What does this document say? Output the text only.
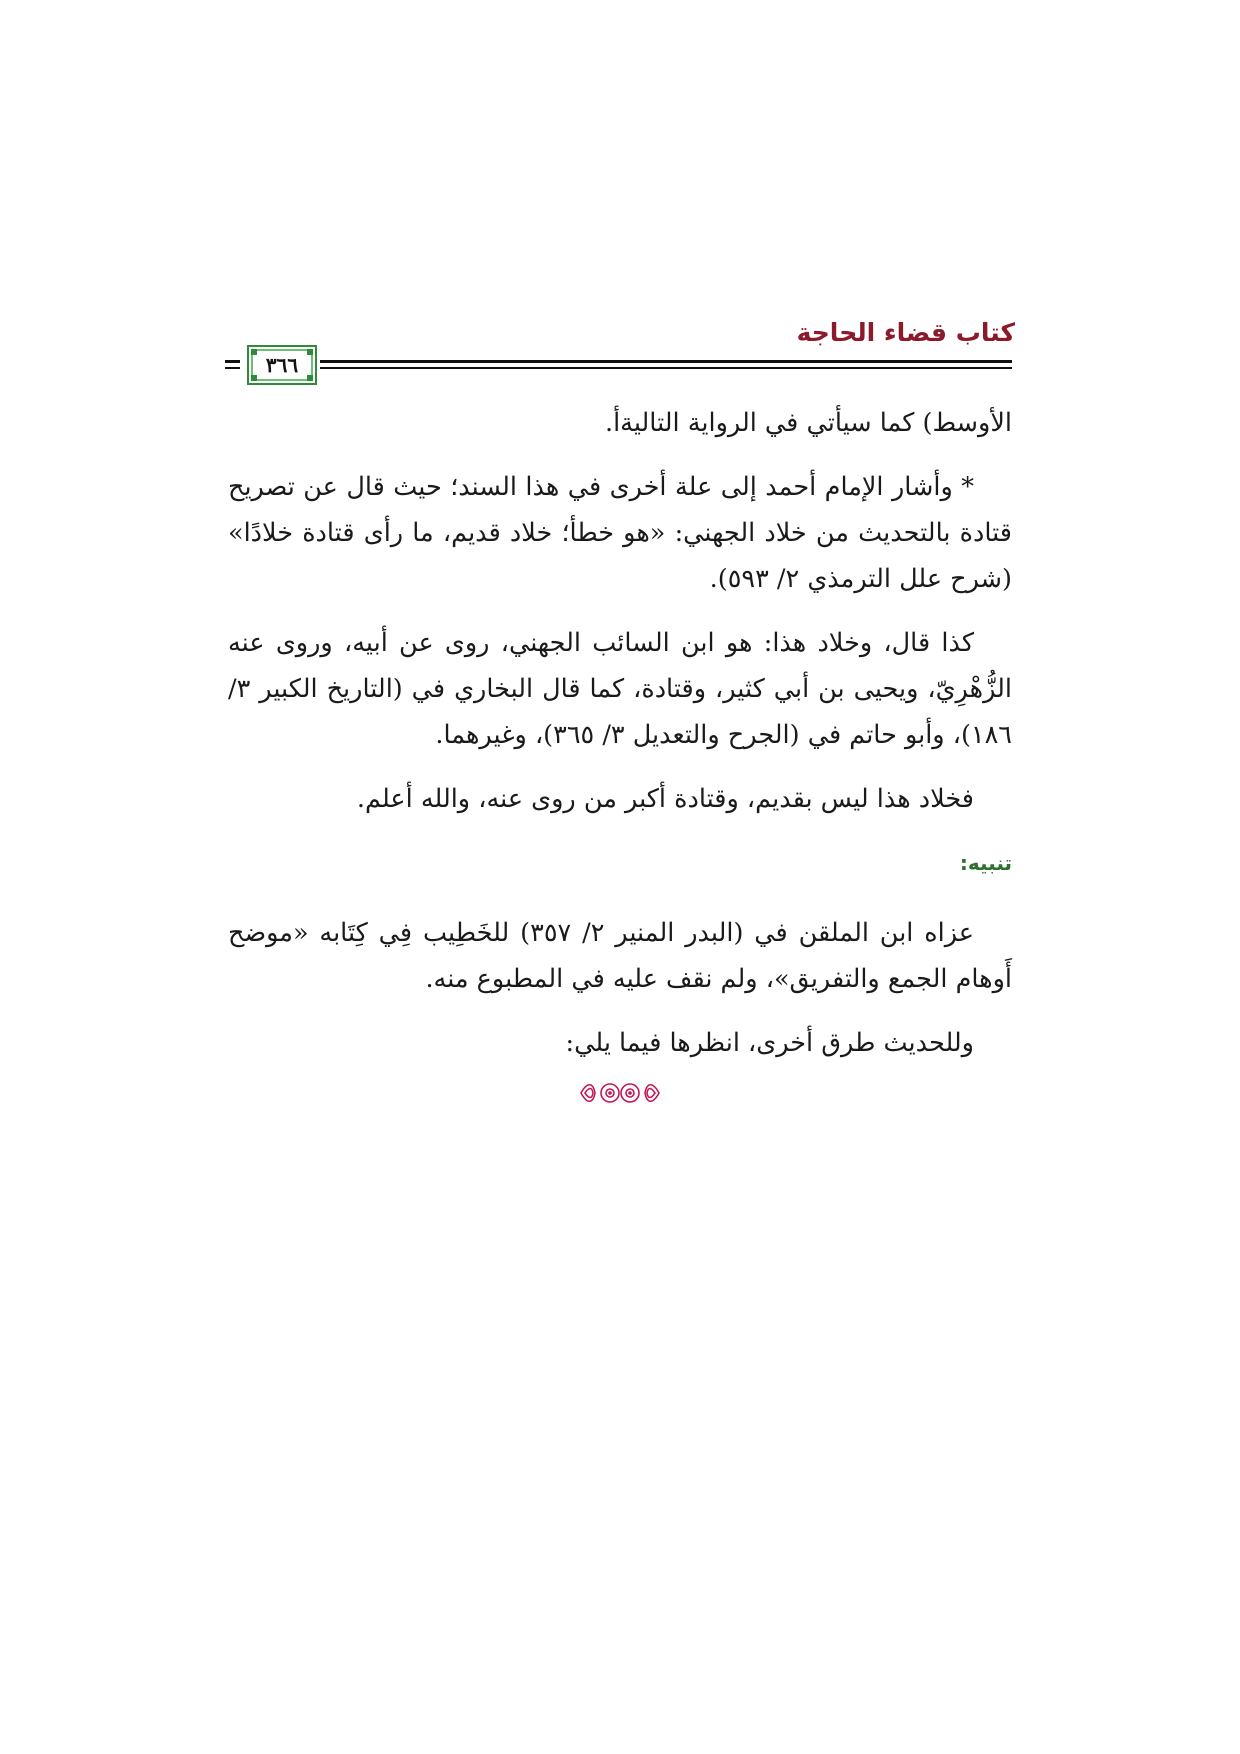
كتاب قضاء الحاجة
٣٦٦

الأوسط) كما سيأتي في الرواية التاليةأ.

* وأشار الإمام أحمد إلى علة أخرى في هذا السند؛ حيث قال عن تصريح قتادة بالتحديث من خلاد الجهني: «هو خطأ؛ خلاد قديم، ما رأى قتادة خلادًا» (شرح علل الترمذي ٢/ ٥٩٣).

كذا قال، وخلاد هذا: هو ابن السائب الجهني، روى عن أبيه، وروى عنه الزُّهْرِيّ، ويحيى بن أبي كثير، وقتادة، كما قال البخاري في (التاريخ الكبير ٣/ ١٨٦)، وأبو حاتم في (الجرح والتعديل ٣/ ٣٦٥)، وغيرهما.

فخلاد هذا ليس بقديم، وقتادة أكبر من روى عنه، والله أعلم.

تنبيه:

عزاه ابن الملقن في (البدر المنير ٢/ ٣٥٧) للخَطِيب فِي كِتَابه «موضح أَوهام الجمع والتفريق»، ولم نقف عليه في المطبوع منه.

وللحديث طرق أخرى، انظرها فيما يلي:
